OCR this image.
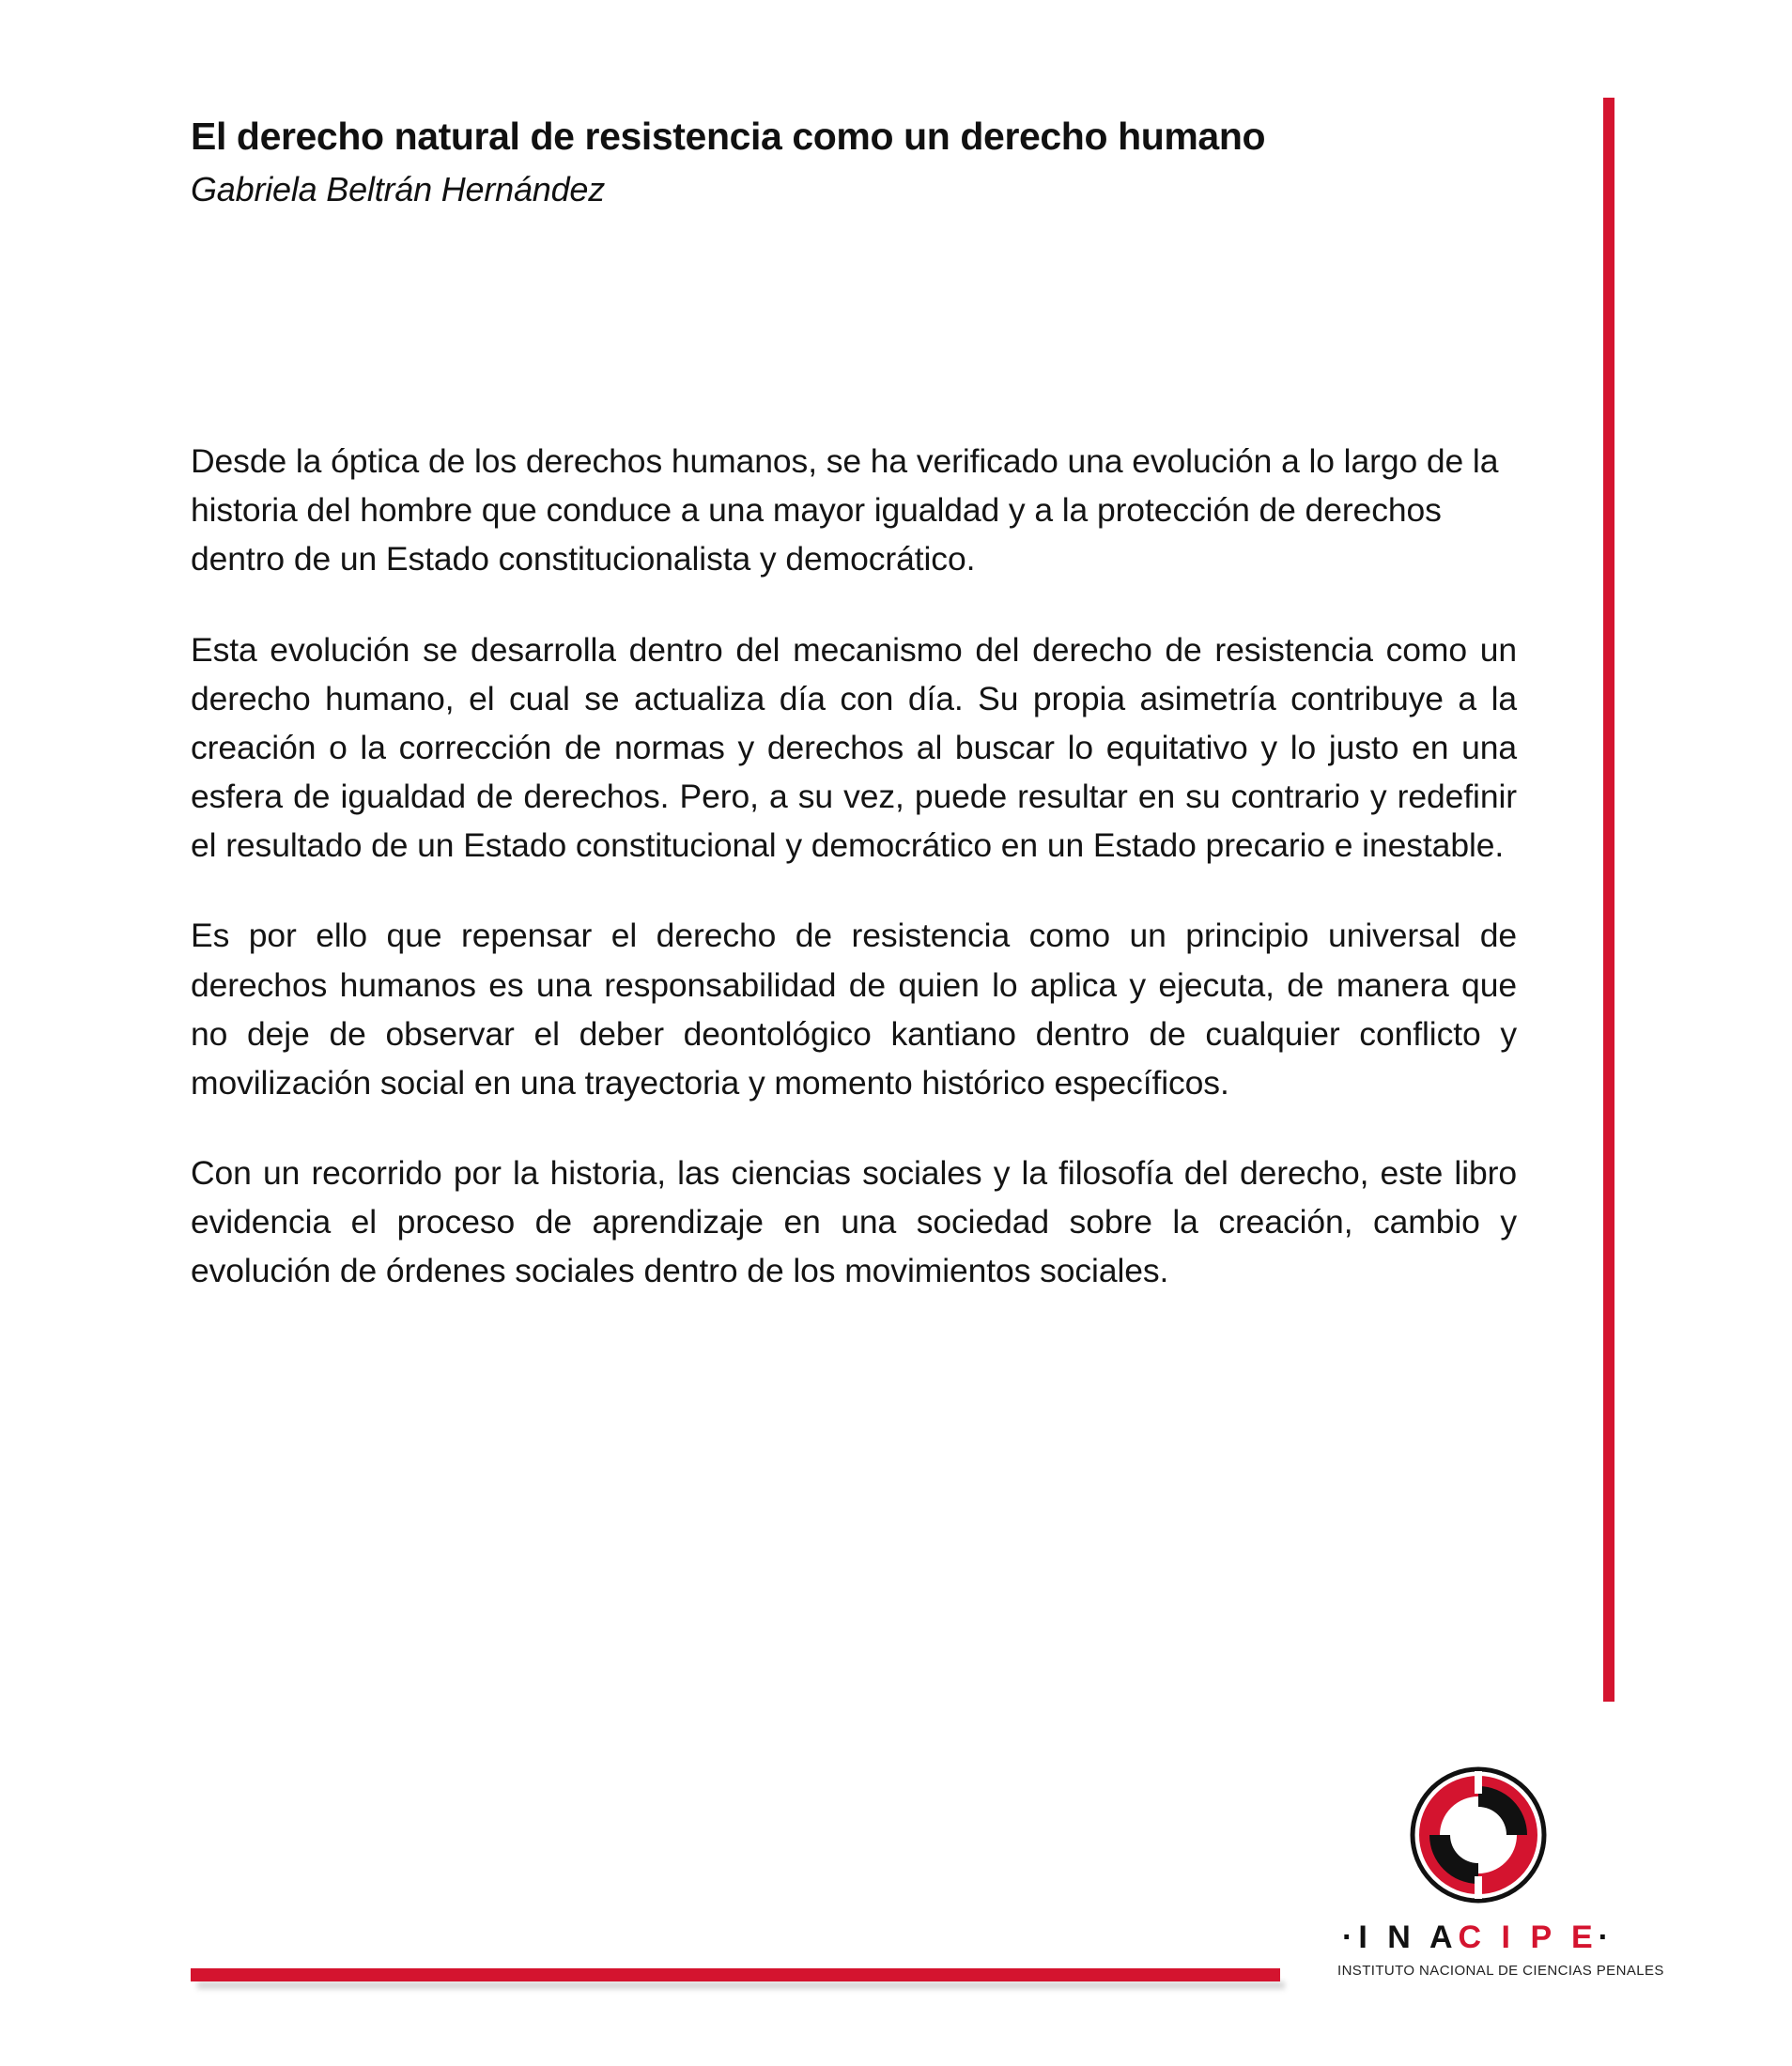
El derecho natural de resistencia como un derecho humano

Gabriela Beltrán Hernández

Desde la óptica de los derechos humanos, se ha verificado una evolución a lo largo de la historia del hombre que conduce a una mayor igualdad y a la protección de derechos dentro de un Estado constitucionalista y democrático.

Esta evolución se desarrolla dentro del mecanismo del derecho de resistencia como un derecho humano, el cual se actualiza día con día. Su propia asimetría contribuye a la creación o la corrección de normas y derechos al buscar lo equitativo y lo justo en una esfera de igualdad de derechos. Pero, a su vez, puede resultar en su contrario y redefinir el resultado de un Estado constitucional y democrático en un Estado precario e inestable.

Es por ello que repensar el derecho de resistencia como un principio universal de derechos humanos es una responsabilidad de quien lo aplica y ejecuta, de manera que no deje de observar el deber deontológico kantiano dentro de cualquier conflicto y movilización social en una trayectoria y momento histórico específicos.

Con un recorrido por la historia, las ciencias sociales y la filosofía del derecho, este libro evidencia el proceso de aprendizaje en una sociedad sobre la creación, cambio y evolución de órdenes sociales dentro de los movimientos sociales.

·I N AC I P E·
INSTITUTO NACIONAL DE CIENCIAS PENALES
